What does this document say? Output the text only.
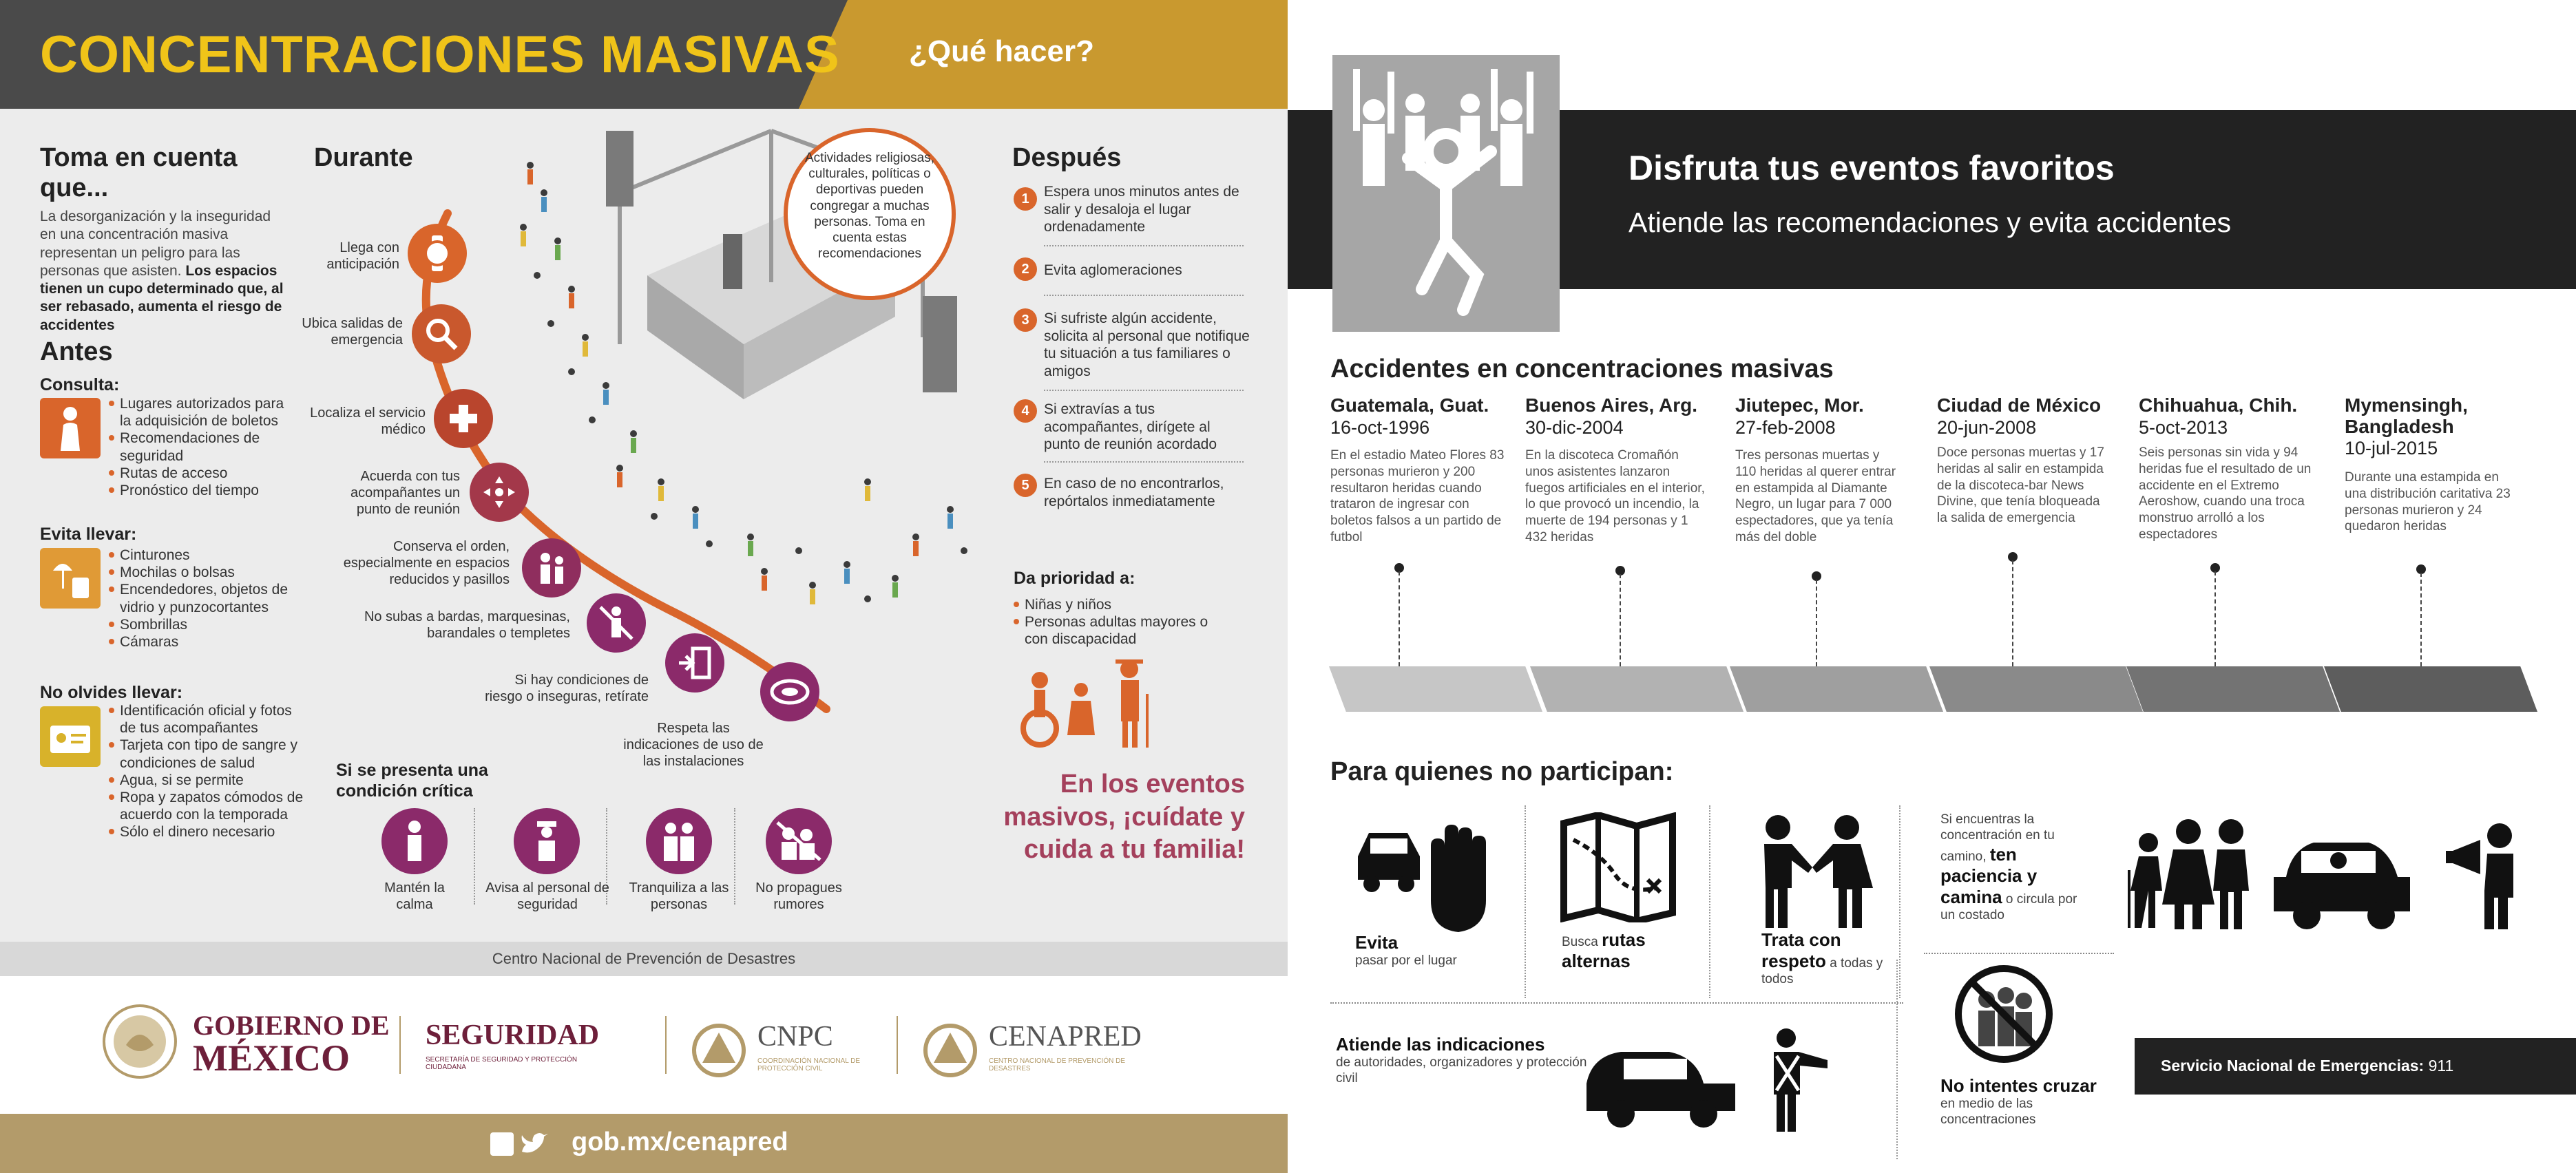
CONCENTRACIONES MASIVAS ¿Qué hacer?
Toma en cuenta que...
La desorganización y la inseguridad en una concentración masiva representan un peligro para las personas que asisten. Los espacios tienen un cupo determinado que, al ser rebasado, aumenta el riesgo de accidentes
Antes
Consulta:
Lugares autorizados para la adquisición de boletos
Recomendaciones de seguridad
Rutas de acceso
Pronóstico del tiempo
Evita llevar:
Cinturones
Mochilas o bolsas
Encendedores, objetos de vidrio y punzocortantes
Sombrillas
Cámaras
No olvides llevar:
Identificación oficial y fotos de tus acompañantes
Tarjeta con tipo de sangre y condiciones de salud
Agua, si se permite
Ropa y zapatos cómodos de acuerdo con la temporada
Sólo el dinero necesario
Durante
Llega con anticipación
Ubica salidas de emergencia
Localiza el servicio médico
Acuerda con tus acompañantes un punto de reunión
Conserva el orden, especialmente en espacios reducidos y pasillos
No subas a bardas, marquesinas, barandales o templetes
Si hay condiciones de riesgo o inseguras, retírate
Respeta las indicaciones de uso de las instalaciones
Actividades religiosas, culturales, políticas o deportivas pueden congregar a muchas personas. Toma en cuenta estas recomendaciones
Después
1	Espera unos minutos antes de salir y desaloja el lugar ordenadamente
2	Evita aglomeraciones
3	Si sufriste algún accidente, solicita al personal que notifique tu situación a tus familiares o amigos
4	Si extravías a tus acompañantes, dirígete al punto de reunión acordado
5	En caso de no encontrarlos, repórtalos inmediatamente
Da prioridad a:
Niñas y niños
Personas adultas mayores o con discapacidad
En los eventos masivos, ¡cuídate y cuida a tu familia!
Si se presenta una condición crítica
Mantén la calma
Avisa al personal de seguridad
Tranquiliza a las personas
No propagues rumores
Centro Nacional de Prevención de Desastres
GOBIERNO DE
MÉXICO
SEGURIDAD
SECRETARÍA DE SEGURIDAD Y PROTECCIÓN CIUDADANA
CNPC
COORDINACIÓN NACIONAL DE PROTECCIÓN CIVIL
CENAPRED
CENTRO NACIONAL DE PREVENCIÓN DE DESASTRES
gob.mx/cenapred
Disfruta tus eventos favoritos
Atiende las recomendaciones y evita accidentes
Accidentes en concentraciones masivas
Guatemala, Guat.
16-oct-1996
En el estadio Mateo Flores 83 personas murieron y 200 resultaron heridas cuando trataron de ingresar con boletos falsos a un partido de futbol
Buenos Aires, Arg.
30-dic-2004
En la discoteca Cromañón unos asistentes lanzaron fuegos artificiales en el interior, lo que provocó un incendio, la muerte de 194 personas y 1 432 heridas
Jiutepec, Mor.
27-feb-2008
Tres personas muertas y 110 heridas al querer entrar en estampida al Diamante Negro, un lugar para 7 000 espectadores, que ya tenía más del doble
Ciudad de México
20-jun-2008
Doce personas muertas y 17 heridas al salir en estampida de la discoteca-bar News Divine, que tenía bloqueada la salida de emergencia
Chihuahua, Chih.
5-oct-2013
Seis personas sin vida y 94 heridas fue el resultado de un accidente en el Extremo Aeroshow, cuando una troca monstruo arrolló a los espectadores
Mymensingh, Bangladesh
10-jul-2015
Durante una estampida en una distribución caritativa 23 personas murieron y 24 quedaron heridas
Para quienes no participan:
Evita
pasar por el lugar
Busca rutas alternas
Trata con respeto a todas y todos
Si encuentras la concentración en tu camino, ten paciencia y camina o circula por un costado
Atiende las indicaciones
de autoridades, organizadores y protección civil	No intentes cruzar en medio de las concentraciones
Servicio Nacional de Emergencias: 911
